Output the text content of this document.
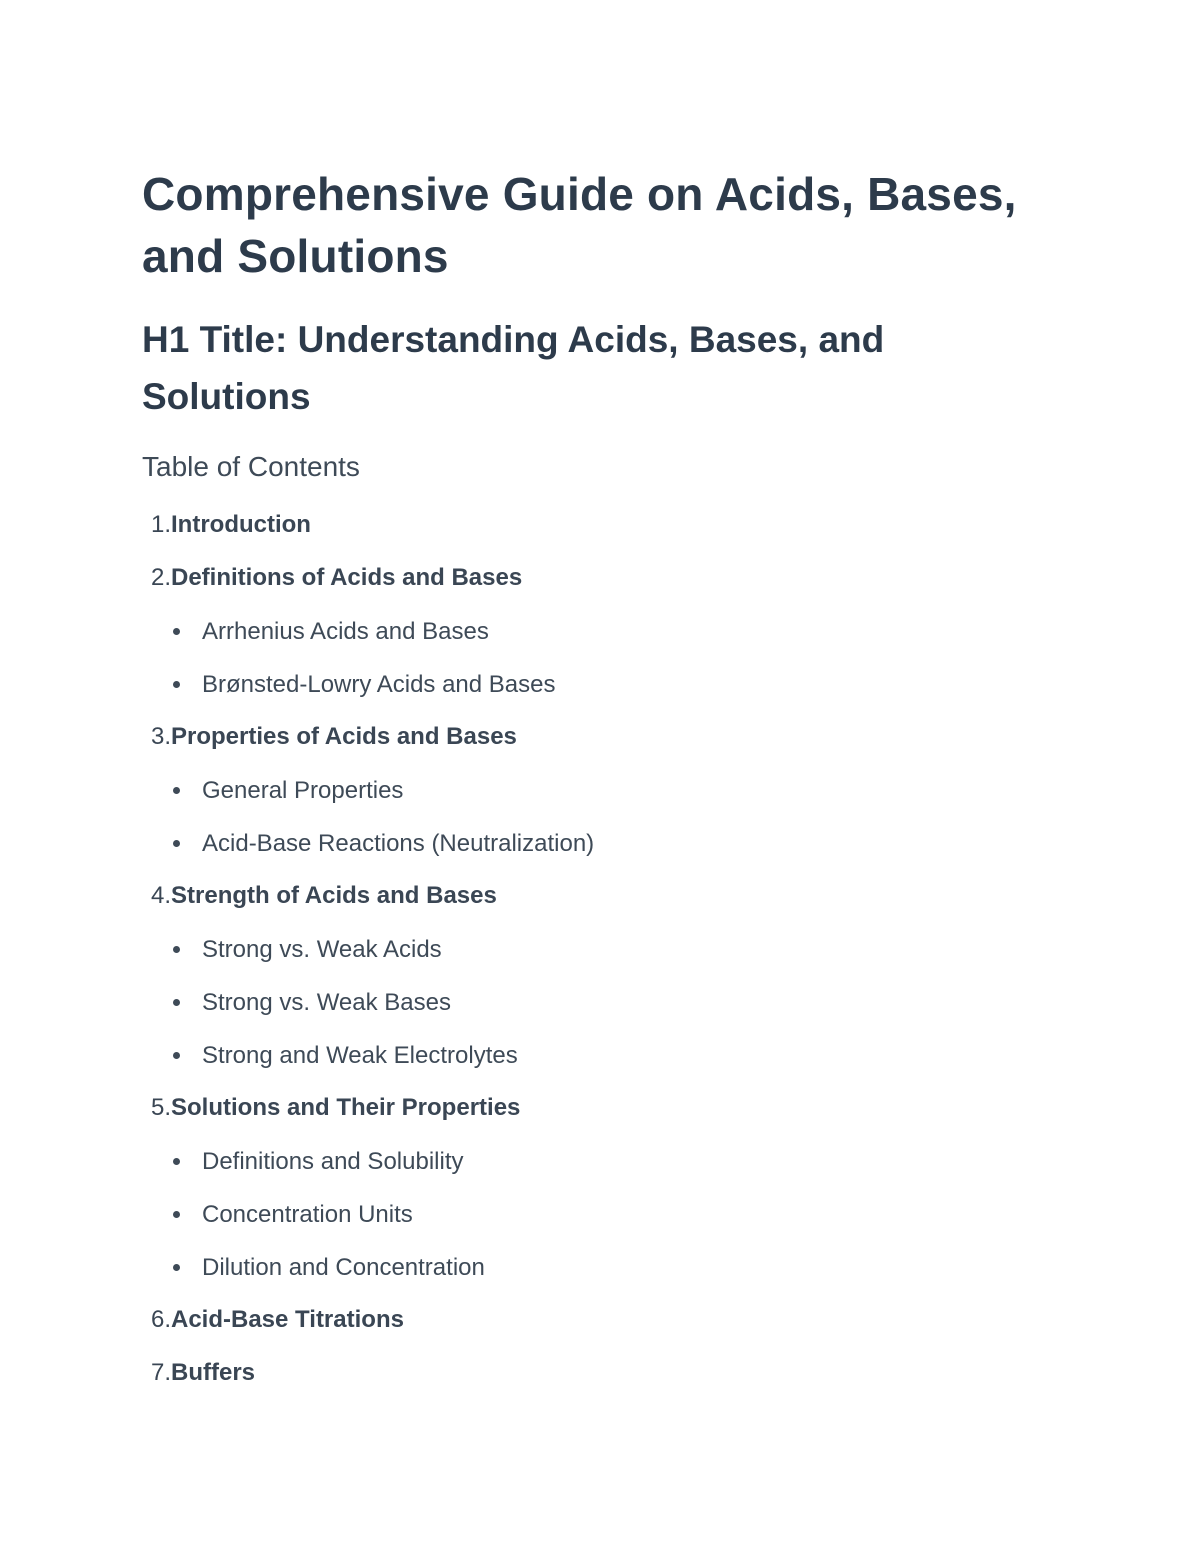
Comprehensive Guide on Acids, Bases, and Solutions
H1 Title: Understanding Acids, Bases, and Solutions
Table of Contents
1. Introduction
2. Definitions of Acids and Bases
Arrhenius Acids and Bases
Brønsted-Lowry Acids and Bases
3. Properties of Acids and Bases
General Properties
Acid-Base Reactions (Neutralization)
4. Strength of Acids and Bases
Strong vs. Weak Acids
Strong vs. Weak Bases
Strong and Weak Electrolytes
5. Solutions and Their Properties
Definitions and Solubility
Concentration Units
Dilution and Concentration
6. Acid-Base Titrations
7. Buffers
